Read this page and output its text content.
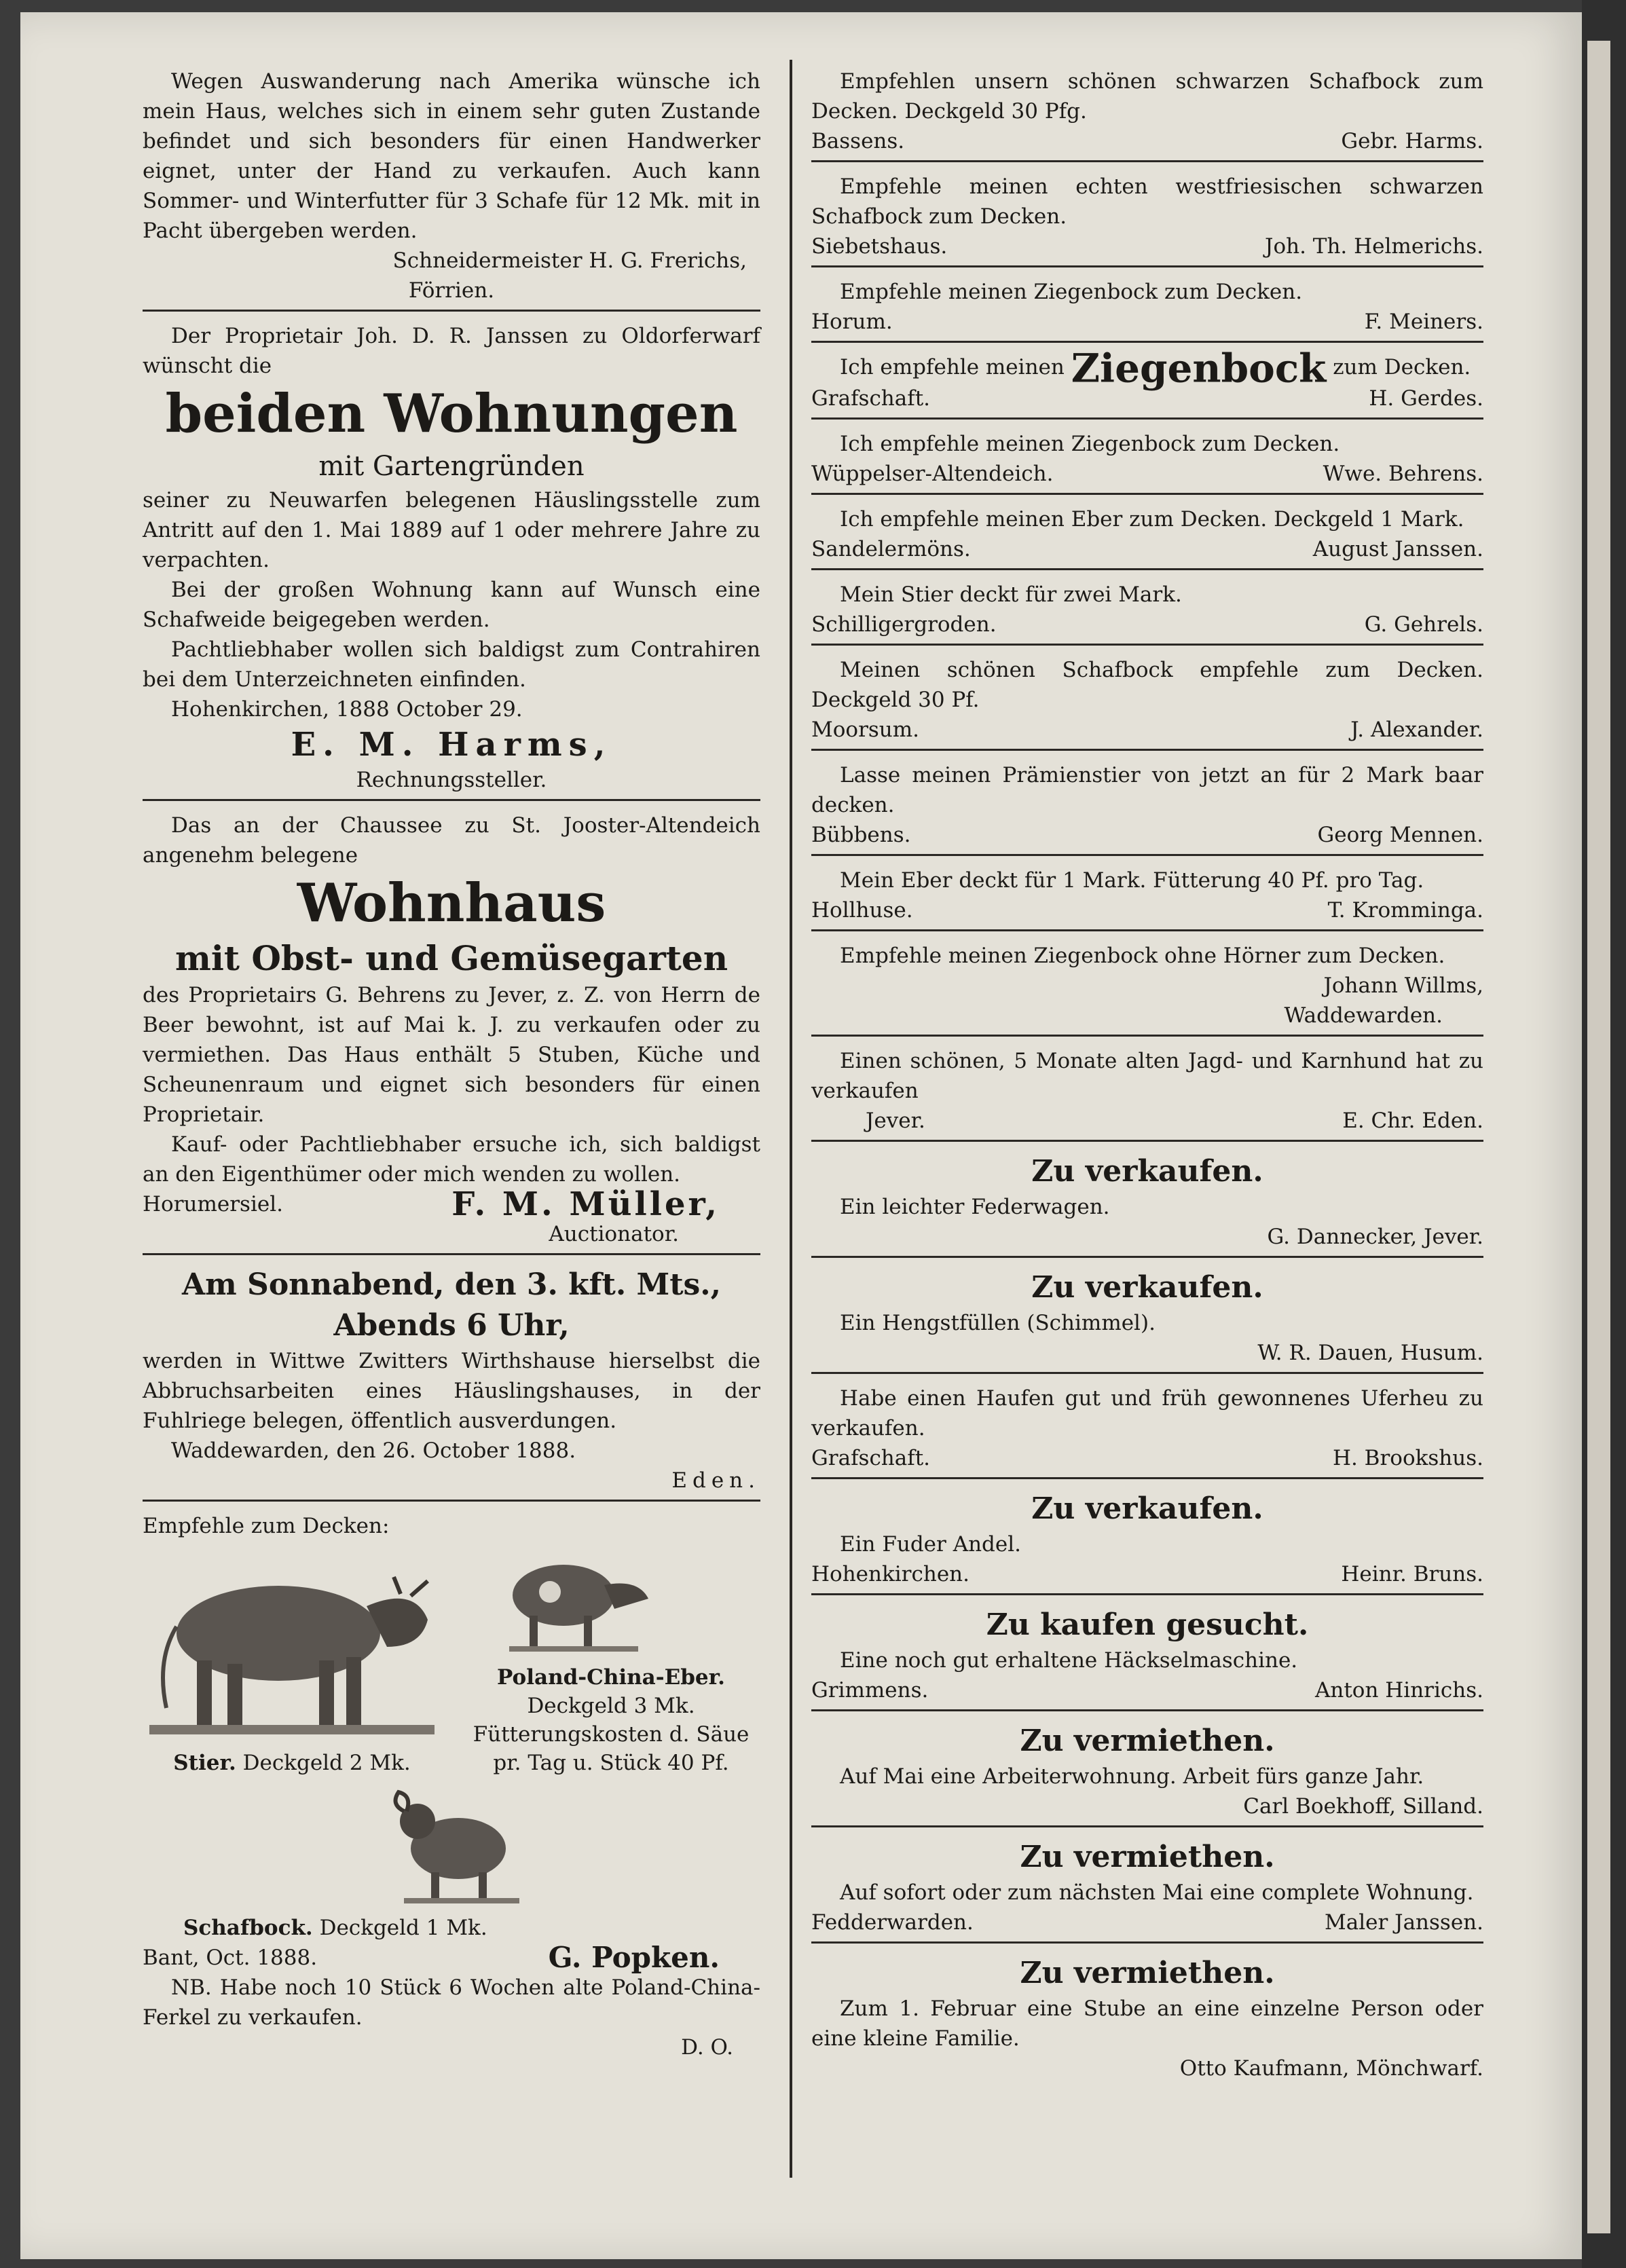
Wegen Auswanderung nach Amerika wünsche ich mein Haus, welches sich in einem sehr guten Zustande befindet und sich besonders für einen Handwerker eignet, unter der Hand zu verkaufen. Auch kann Sommer- und Winterfutter für 3 Schafe für 12 Mk. mit in Pacht übergeben werden.

Schneidermeister H. G. Frerichs,
Förrien.

Der Proprietair Joh. D. R. Janssen zu Oldorferwarf wünscht die

beiden Wohnungen
mit Gartengründen

seiner zu Neuwarfen belegenen Häuslingsstelle zum Antritt auf den 1. Mai 1889 auf 1 oder mehrere Jahre zu verpachten.

Bei der großen Wohnung kann auf Wunsch eine Schafweide beigegeben werden.

Pachtliebhaber wollen sich baldigst zum Contrahiren bei dem Unterzeichneten einfinden.

Hohenkirchen, 1888 October 29.

E. M. Harms,
Rechnungssteller.

Das an der Chaussee zu St. Jooster-Altendeich angenehm belegene

Wohnhaus
mit Obst- und Gemüsegarten

des Proprietairs G. Behrens zu Jever, z. Z. von Herrn de Beer bewohnt, ist auf Mai k. J. zu verkaufen oder zu vermiethen. Das Haus enthält 5 Stuben, Küche und Scheunenraum und eignet sich besonders für einen Proprietair.

Kauf- oder Pachtliebhaber ersuche ich, sich baldigst an den Eigenthümer oder mich wenden zu wollen.

Horumersiel.	F. M. Müller,
Auctionator.
Am Sonnabend, den 3. kft. Mts.,
Abends 6 Uhr,

werden in Wittwe Zwitters Wirthshause hierselbst die Abbruchsarbeiten eines Häuslingshauses, in der Fuhlriege belegen, öffentlich ausverdungen.

Waddewarden, den 26. October 1888.

Eden.

Empfehle zum Decken:

Stier. Deckgeld 2 Mk.
Poland-China-Eber.
Deckgeld 3 Mk.
Fütterungskosten d. Säue pr. Tag u. Stück 40 Pf.
Schafbock. Deckgeld 1 Mk.
Bant, Oct. 1888.	G. Popken.

NB. Habe noch 10 Stück 6 Wochen alte Poland-China-Ferkel zu verkaufen.

D. O.

Empfehlen unsern schönen schwarzen Schafbock zum Decken. Deckgeld 30 Pfg.

Bassens.	Gebr. Harms.

Empfehle meinen echten westfriesischen schwarzen Schafbock zum Decken.

Siebetshaus.	Joh. Th. Helmerichs.

Empfehle meinen Ziegenbock zum Decken.

Horum.	F. Meiners.

Ich empfehle meinen Ziegenbock zum Decken.

Grafschaft.	H. Gerdes.

Ich empfehle meinen Ziegenbock zum Decken.

Wüppelser-Altendeich.	Wwe. Behrens.

Ich empfehle meinen Eber zum Decken. Deckgeld 1 Mark.

Sandelermöns.	August Janssen.

Mein Stier deckt für zwei Mark.

Schilligergroden.	G. Gehrels.

Meinen schönen Schafbock empfehle zum Decken. Deckgeld 30 Pf.

Moorsum.	J. Alexander.

Lasse meinen Prämienstier von jetzt an für 2 Mark baar decken.

Bübbens.	Georg Mennen.

Mein Eber deckt für 1 Mark. Fütterung 40 Pf. pro Tag.

Hollhuse.	T. Kromminga.

Empfehle meinen Ziegenbock ohne Hörner zum Decken.

Johann Willms,
Waddewarden.

Einen schönen, 5 Monate alten Jagd- und Karnhund hat zu verkaufen

Jever.	E. Chr. Eden.
Zu verkaufen.

Ein leichter Federwagen.

G. Dannecker, Jever.
Zu verkaufen.

Ein Hengstfüllen (Schimmel).

W. R. Dauen, Husum.

Habe einen Haufen gut und früh gewonnenes Uferheu zu verkaufen.

Grafschaft.	H. Brookshus.
Zu verkaufen.

Ein Fuder Andel.

Hohenkirchen.	Heinr. Bruns.
Zu kaufen gesucht.

Eine noch gut erhaltene Häckselmaschine.

Grimmens.	Anton Hinrichs.
Zu vermiethen.

Auf Mai eine Arbeiterwohnung. Arbeit fürs ganze Jahr.

Carl Boekhoff, Silland.
Zu vermiethen.

Auf sofort oder zum nächsten Mai eine complete Wohnung.

Fedderwarden.	Maler Janssen.
Zu vermiethen.

Zum 1. Februar eine Stube an eine einzelne Person oder eine kleine Familie.

Otto Kaufmann, Mönchwarf.
